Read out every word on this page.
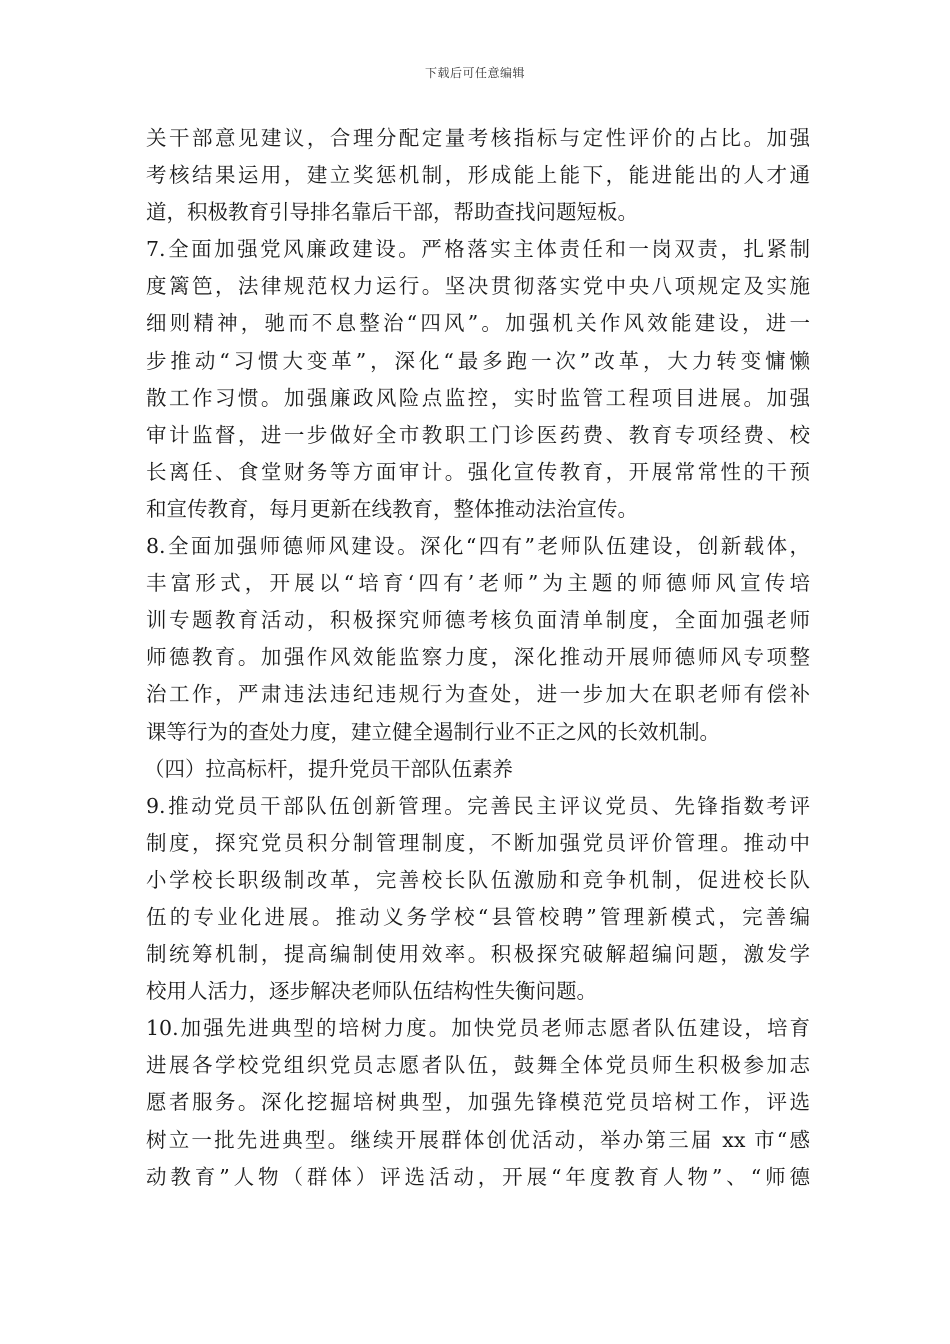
下载后可任意编辑
关干部意见建议，合理分配定量考核指标与定性评价的占比。加强
考核结果运用，建立奖惩机制，形成能上能下，能进能出的人才通
道，积极教育引导排名靠后干部，帮助查找问题短板。
7.全面加强党风廉政建设。严格落实主体责任和一岗双责，扎紧制
度篱笆，法律规范权力运行。坚决贯彻落实党中央八项规定及实施
细则精神，驰而不息整治“四风”。加强机关作风效能建设，进一
步推动“习惯大变革”，深化“最多跑一次”改革，大力转变慵懒
散工作习惯。加强廉政风险点监控，实时监管工程项目进展。加强
审计监督，进一步做好全市教职工门诊医药费、教育专项经费、校
长离任、食堂财务等方面审计。强化宣传教育，开展常常性的干预
和宣传教育，每月更新在线教育，整体推动法治宣传。
8.全面加强师德师风建设。深化“四有”老师队伍建设，创新载体，
丰富形式，开展以“培育‘四有’老师”为主题的师德师风宣传培
训专题教育活动，积极探究师德考核负面清单制度，全面加强老师
师德教育。加强作风效能监察力度，深化推动开展师德师风专项整
治工作，严肃违法违纪违规行为查处，进一步加大在职老师有偿补
课等行为的查处力度，建立健全遏制行业不正之风的长效机制。
（四）拉高标杆，提升党员干部队伍素养
9.推动党员干部队伍创新管理。完善民主评议党员、先锋指数考评
制度，探究党员积分制管理制度，不断加强党员评价管理。推动中
小学校长职级制改革，完善校长队伍激励和竞争机制，促进校长队
伍的专业化进展。推动义务学校“县管校聘”管理新模式，完善编
制统筹机制，提高编制使用效率。积极探究破解超编问题，激发学
校用人活力，逐步解决老师队伍结构性失衡问题。
10.加强先进典型的培树力度。加快党员老师志愿者队伍建设，培育
进展各学校党组织党员志愿者队伍，鼓舞全体党员师生积极参加志
愿者服务。深化挖掘培树典型，加强先锋模范党员培树工作，评选
树立一批先进典型。继续开展群体创优活动，举办第三届 xx 市“感
动教育”人物（群体）评选活动，开展“年度教育人物”、“师德
